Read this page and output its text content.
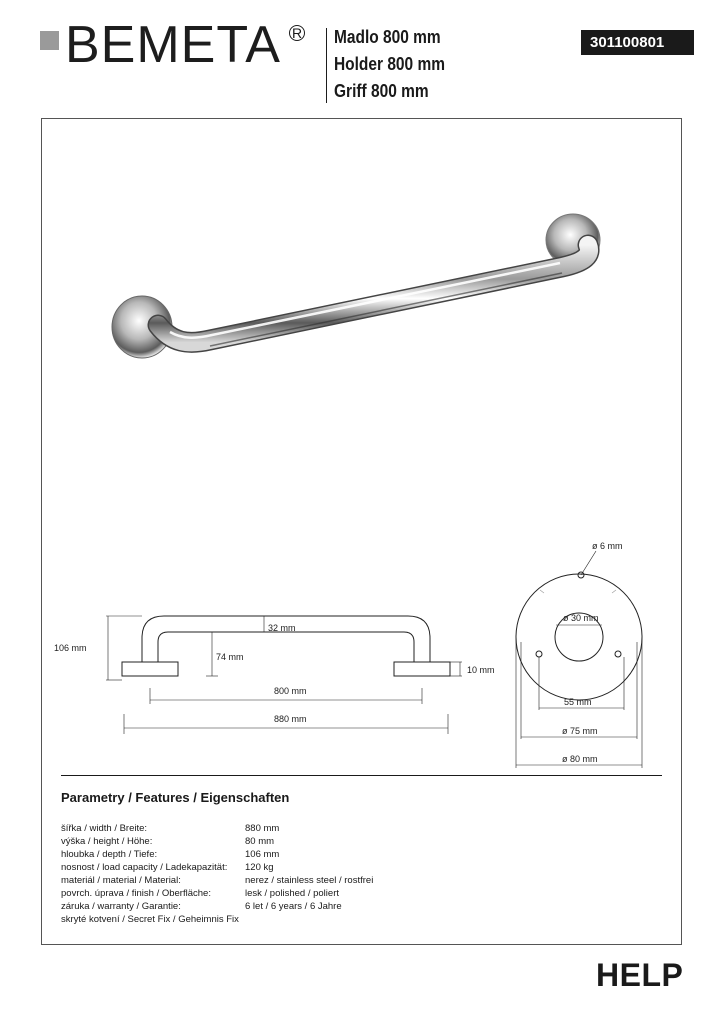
BEMETA R Madlo 800 mm
Holder 800 mm
Griff 800 mm
301100801
106 mm
32 mm
74 mm
10 mm
800 mm
880 mm
ø 6 mm
ø 30 mm
55 mm
ø 75 mm
ø 80 mm
Parametry / Features / Eigenschaften
šířka / width / Breite:	880 mm
výška / height / Höhe:	80 mm
hloubka / depth / Tiefe:	106 mm
nosnost / load capacity / Ladekapazität: 120 kg
materiál / material / Material:	nerez / stainless steel / rostfrei
povrch. úprava / finish / Oberfläche:	lesk / polished / poliert
záruka / warranty / Garantie:	6 let / 6 years / 6 Jahre
skryté kotvení / Secret Fix / Geheimnis Fix
HELP
